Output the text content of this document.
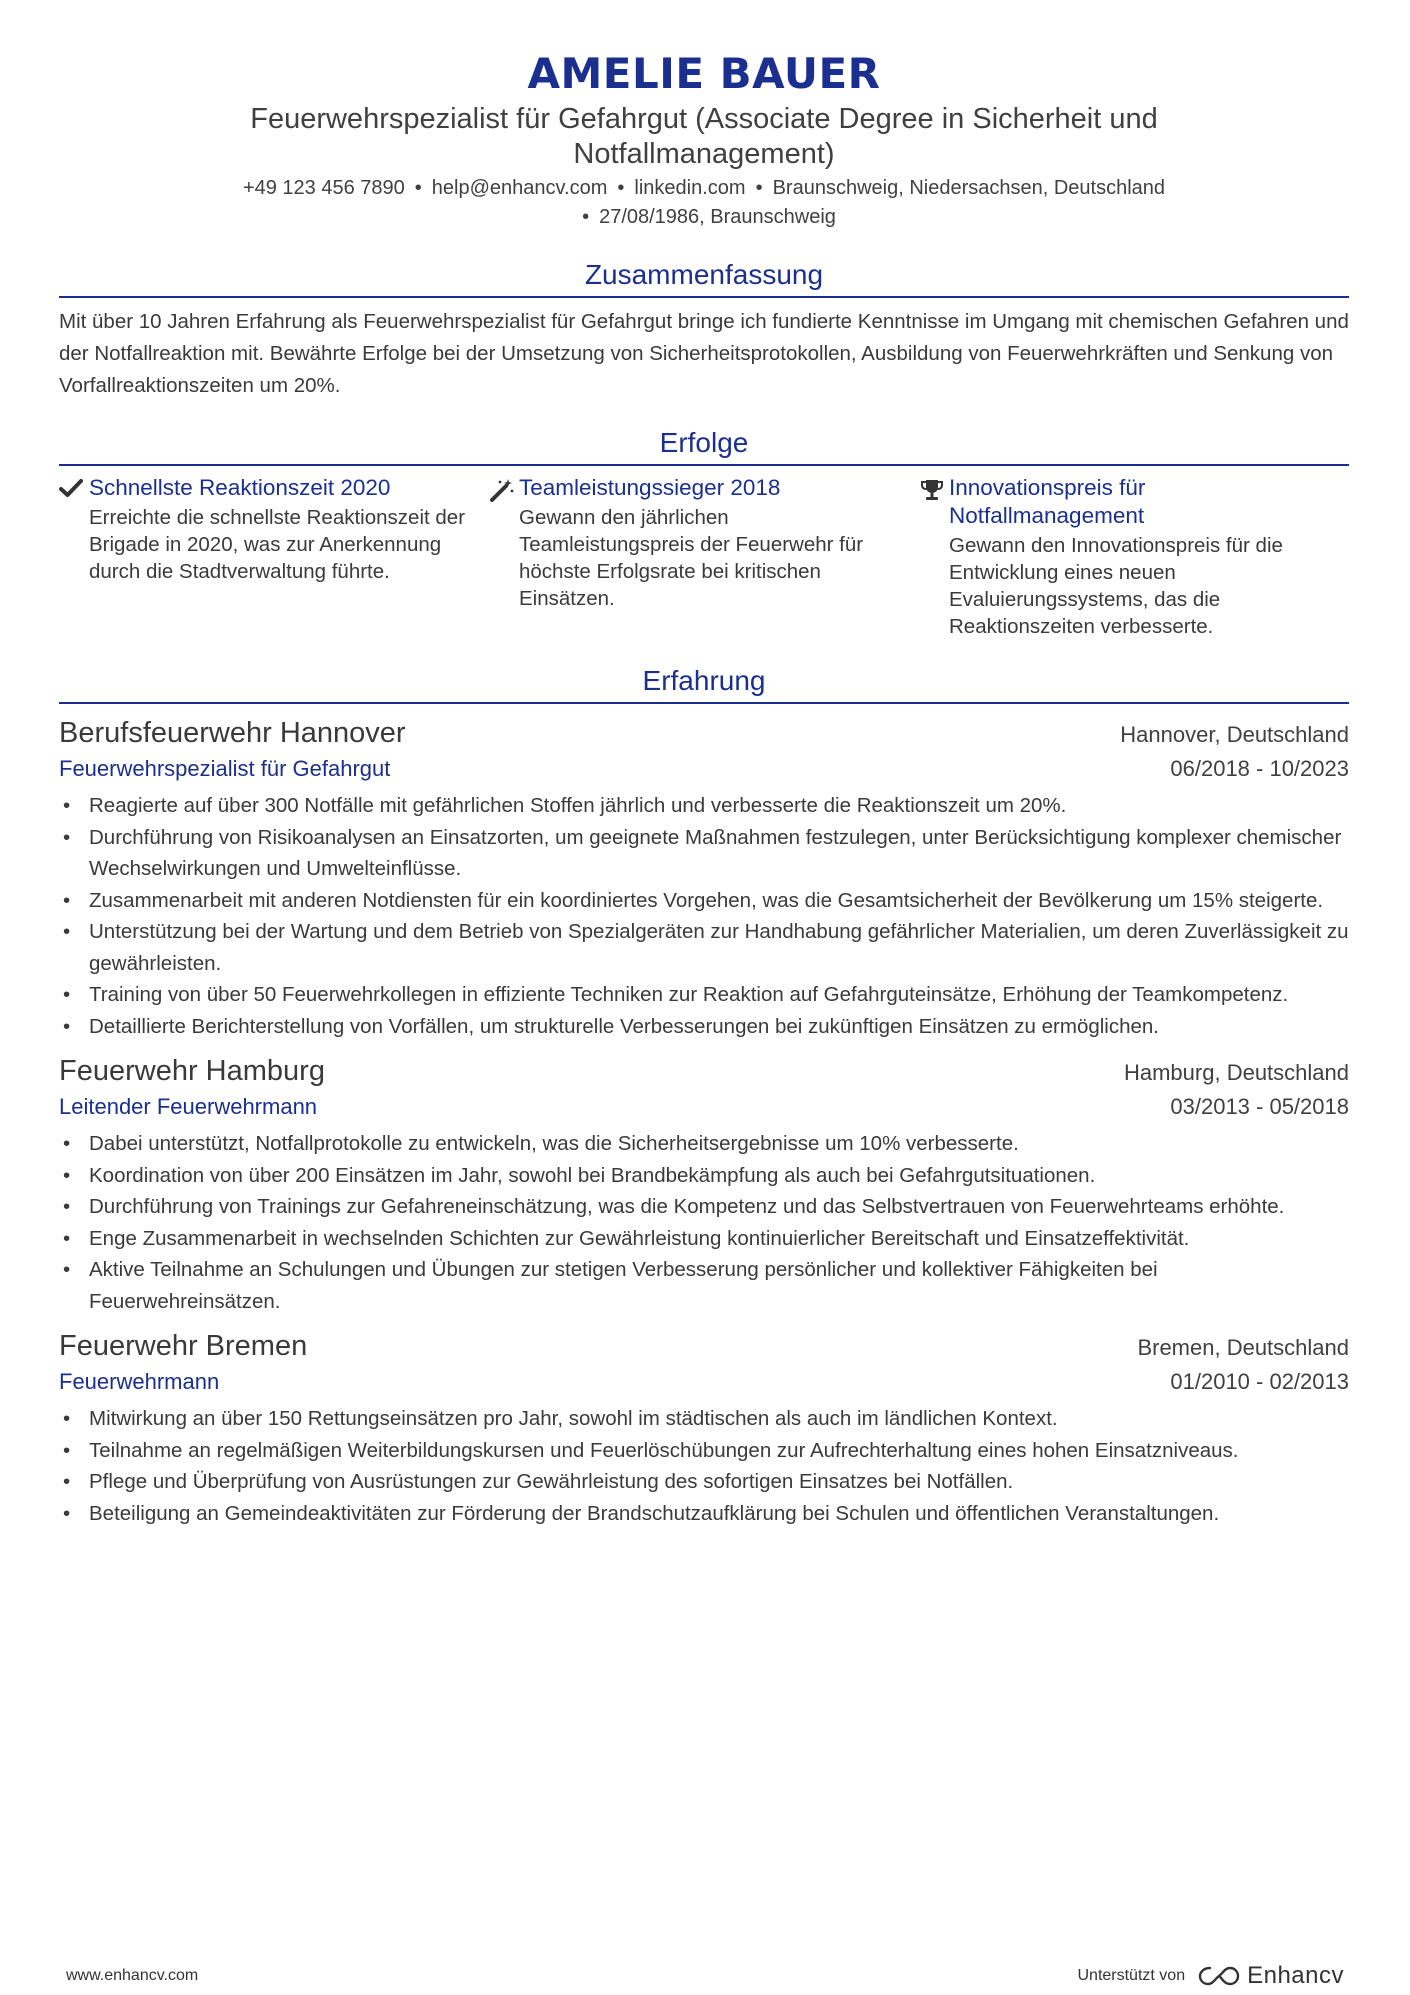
AMELIE BAUER
Feuerwehrspezialist für Gefahrgut (Associate Degree in Sicherheit und Notfallmanagement)
+49 123 456 7890 • help@enhancv.com • linkedin.com • Braunschweig, Niedersachsen, Deutschland
• 27/08/1986, Braunschweig
Zusammenfassung
Mit über 10 Jahren Erfahrung als Feuerwehrspezialist für Gefahrgut bringe ich fundierte Kenntnisse im Umgang mit chemischen Gefahren und der Notfallreaktion mit. Bewährte Erfolge bei der Umsetzung von Sicherheitsprotokollen, Ausbildung von Feuerwehrkräften und Senkung von Vorfallreaktionszeiten um 20%.
Erfolge
Schnellste Reaktionszeit 2020
Erreichte die schnellste Reaktionszeit der Brigade in 2020, was zur Anerkennung durch die Stadtverwaltung führte.
Teamleistungssieger 2018
Gewann den jährlichen Teamleistungspreis der Feuerwehr für höchste Erfolgsrate bei kritischen Einsätzen.
Innovationspreis für Notfallmanagement
Gewann den Innovationspreis für die Entwicklung eines neuen Evaluierungssystems, das die Reaktionszeiten verbesserte.
Erfahrung
Berufsfeuerwehr Hannover	Hannover, Deutschland
Feuerwehrspezialist für Gefahrgut	06/2018 - 10/2023
• Reagierte auf über 300 Notfälle mit gefährlichen Stoffen jährlich und verbesserte die Reaktionszeit um 20%.
• Durchführung von Risikoanalysen an Einsatzorten, um geeignete Maßnahmen festzulegen, unter Berücksichtigung komplexer chemischer Wechselwirkungen und Umwelteinflüsse.
• Zusammenarbeit mit anderen Notdiensten für ein koordiniertes Vorgehen, was die Gesamtsicherheit der Bevölkerung um 15% steigerte.
• Unterstützung bei der Wartung und dem Betrieb von Spezialgeräten zur Handhabung gefährlicher Materialien, um deren Zuverlässigkeit zu gewährleisten.
• Training von über 50 Feuerwehrkollegen in effiziente Techniken zur Reaktion auf Gefahrguteinsätze, Erhöhung der Teamkompetenz.
• Detaillierte Berichterstellung von Vorfällen, um strukturelle Verbesserungen bei zukünftigen Einsätzen zu ermöglichen.
Feuerwehr Hamburg	Hamburg, Deutschland
Leitender Feuerwehrmann	03/2013 - 05/2018
• Dabei unterstützt, Notfallprotokolle zu entwickeln, was die Sicherheitsergebnisse um 10% verbesserte.
• Koordination von über 200 Einsätzen im Jahr, sowohl bei Brandbekämpfung als auch bei Gefahrgutsituationen.
• Durchführung von Trainings zur Gefahreneinschätzung, was die Kompetenz und das Selbstvertrauen von Feuerwehrteams erhöhte.
• Enge Zusammenarbeit in wechselnden Schichten zur Gewährleistung kontinuierlicher Bereitschaft und Einsatzeffektivität.
• Aktive Teilnahme an Schulungen und Übungen zur stetigen Verbesserung persönlicher und kollektiver Fähigkeiten bei Feuerwehreinsätzen.
Feuerwehr Bremen	Bremen, Deutschland
Feuerwehrmann	01/2010 - 02/2013
• Mitwirkung an über 150 Rettungseinsätzen pro Jahr, sowohl im städtischen als auch im ländlichen Kontext.
• Teilnahme an regelmäßigen Weiterbildungskursen und Feuerlöschübungen zur Aufrechterhaltung eines hohen Einsatzniveaus.
• Pflege und Überprüfung von Ausrüstungen zur Gewährleistung des sofortigen Einsatzes bei Notfällen.
• Beteiligung an Gemeindeaktivitäten zur Förderung der Brandschutzaufklärung bei Schulen und öffentlichen Veranstaltungen.
www.enhancv.com	Unterstützt von	Enhancv
